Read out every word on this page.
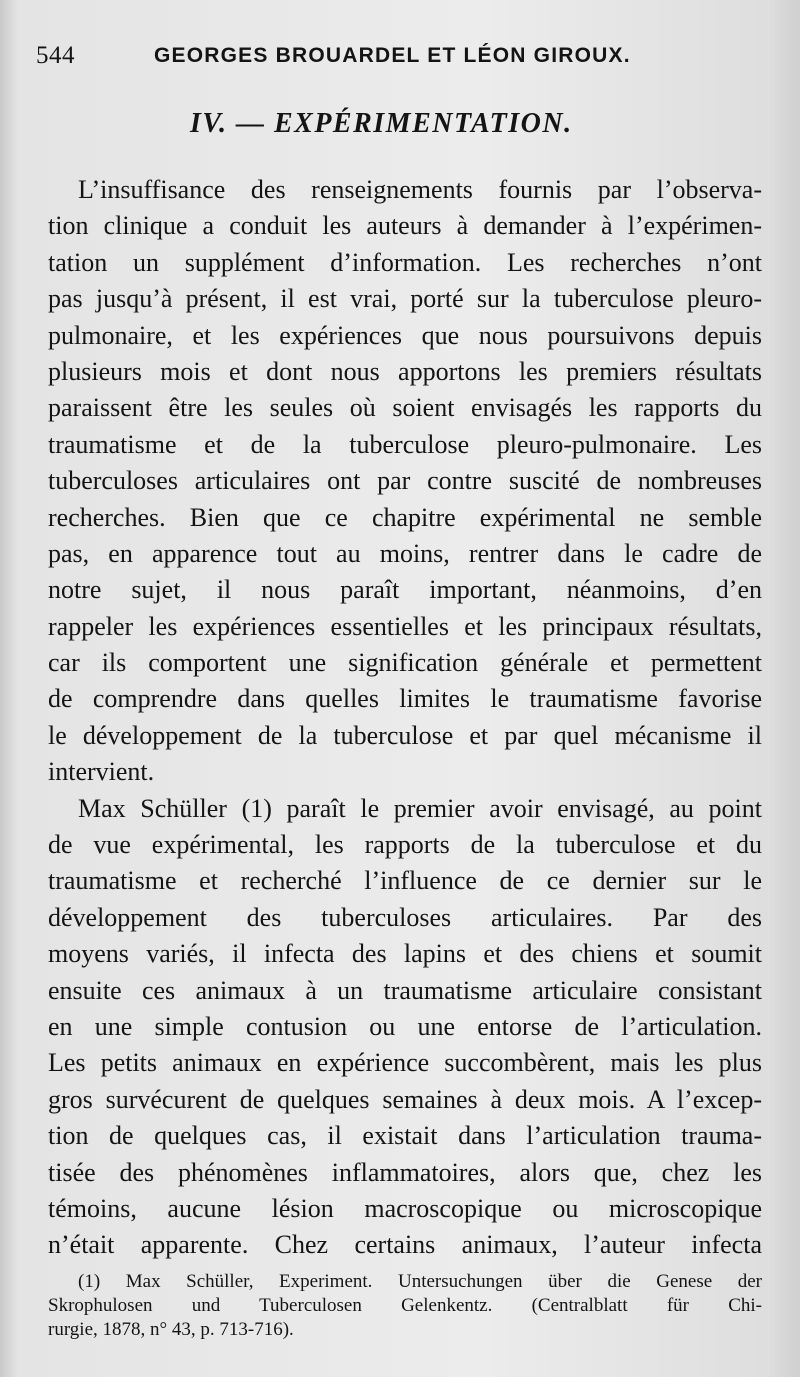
544	GEORGES BROUARDEL ET LÉON GIROUX.
IV. — EXPÉRIMENTATION.
L’insuffisance des renseignements fournis par l’observa-
tion clinique a conduit les auteurs à demander à l’expérimen-
tation un supplément d’information. Les recherches n’ont
pas jusqu’à présent, il est vrai, porté sur la tuberculose pleuro-
pulmonaire, et les expériences que nous poursuivons depuis
plusieurs mois et dont nous apportons les premiers résultats
paraissent être les seules où soient envisagés les rapports du
traumatisme et de la tuberculose pleuro-pulmonaire. Les
tuberculoses articulaires ont par contre suscité de nombreuses
recherches. Bien que ce chapitre expérimental ne semble
pas, en apparence tout au moins, rentrer dans le cadre de
notre sujet, il nous paraît important, néanmoins, d’en
rappeler les expériences essentielles et les principaux résultats,
car ils comportent une signification générale et permettent
de comprendre dans quelles limites le traumatisme favorise
le développement de la tuberculose et par quel mécanisme il
intervient.
Max Schüller (1) paraît le premier avoir envisagé, au point
de vue expérimental, les rapports de la tuberculose et du
traumatisme et recherché l’influence de ce dernier sur le
développement des tuberculoses articulaires. Par des
moyens variés, il infecta des lapins et des chiens et soumit
ensuite ces animaux à un traumatisme articulaire consistant
en une simple contusion ou une entorse de l’articulation.
Les petits animaux en expérience succombèrent, mais les plus
gros survécurent de quelques semaines à deux mois. A l’excep-
tion de quelques cas, il existait dans l’articulation trauma-
tisée des phénomènes inflammatoires, alors que, chez les
témoins, aucune lésion macroscopique ou microscopique
n’était apparente. Chez certains animaux, l’auteur infecta
(1) Max Schüller, Experiment. Untersuchungen über die Genese der
Skrophulosen und Tuberculosen Gelenkentz. (Centralblatt für Chi-
rurgie, 1878, n° 43, p. 713-716).
